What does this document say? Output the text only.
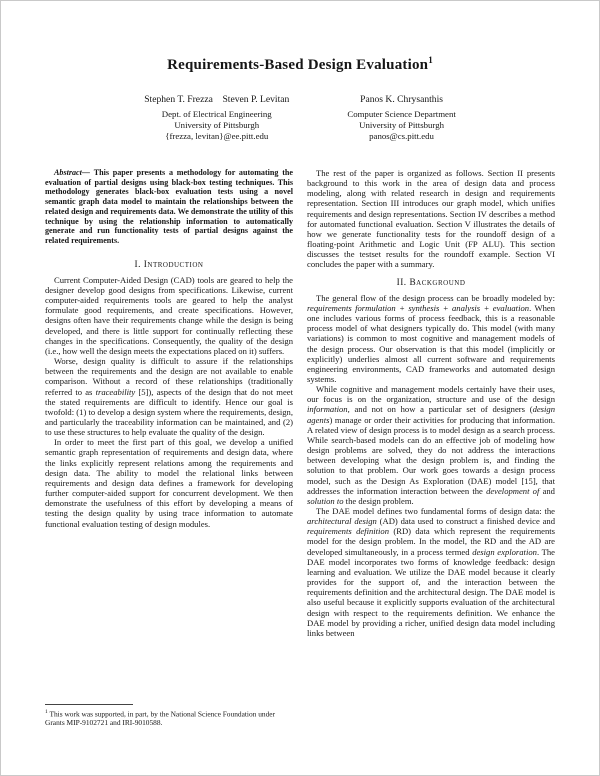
Requirements-Based Design Evaluation$^1$
Stephen T. Frezza    Steven P. Levitan
Dept. of Electrical Engineering
University of Pittsburgh
{frezza, levitan}@ee.pitt.edu
Panos K. Chrysanthis
Computer Science Department
University of Pittsburgh
panos@cs.pitt.edu

Abstract— This paper presents a methodology for automating the evaluation of partial designs using black-box testing techniques. This methodology generates black-box evaluation tests using a novel semantic graph data model to maintain the relationships between the related design and requirements data. We demonstrate the utility of this technique by using the relationship information to automatically generate and run functionality tests of partial designs against the related requirements.

I. Introduction

Current Computer-Aided Design (CAD) tools are geared to help the designer develop good designs from specifications. Likewise, current computer-aided requirements tools are geared to help the analyst formulate good requirements, and create specifications. However, designs often have their requirements change while the design is being developed, and there is little support for continually reflecting these changes in the specifications. Consequently, the quality of the design (i.e., how well the design meets the expectations placed on it) suffers.

Worse, design quality is difficult to assure if the relationships between the requirements and the design are not available to enable comparison. Without a record of these relationships (traditionally referred to as traceability [5]), aspects of the design that do not meet the stated requirements are difficult to identify. Hence our goal is twofold: (1) to develop a design system where the requirements, design, and particularly the traceability information can be maintained, and (2) to use these structures to help evaluate the quality of the design.

In order to meet the first part of this goal, we develop a unified semantic graph representation of requirements and design data, where the links explicitly represent relations among the requirements and design data. The ability to model the relational links between requirements and design data defines a framework for developing further computer-aided support for concurrent development. We then demonstrate the usefulness of this effort by developing a means of testing the design quality by using trace information to automate functional evaluation testing of design modules.

$^1$ This work was supported, in part, by the National Science Foundation under Grants MIP-9102721 and IRI-9010588.

The rest of the paper is organized as follows. Section II presents background to this work in the area of design data and process modeling, along with related research in design and requirements representation. Section III introduces our graph model, which unifies requirements and design representations. Section IV describes a method for automated functional evaluation. Section V illustrates the details of how we generate functionality tests for the roundoff design of a floating-point Arithmetic and Logic Unit (FP ALU). This section discusses the testset results for the roundoff example. Section VI concludes the paper with a summary.

II. Background

The general flow of the design process can be broadly modeled by: requirements formulation + synthesis + analysis + evaluation. When one includes various forms of process feedback, this is a reasonable process model of what designers typically do. This model (with many variations) is common to most cognitive and management models of the design process. Our observation is that this model (implicitly or explicitly) underlies almost all current software and requirements engineering environments, CAD frameworks and automated design systems.

While cognitive and management models certainly have their uses, our focus is on the organization, structure and use of the design information, and not on how a particular set of designers (design agents) manage or order their activities for producing that information. A related view of design process is to model design as a search process. While search-based models can do an effective job of modeling how design problems are solved, they do not address the interactions between developing what the design problem is, and finding the solution to that problem. Our work goes towards a design process model, such as the Design As Exploration (DAE) model [15], that addresses the information interaction between the development of and solution to the design problem.

The DAE model defines two fundamental forms of design data: the architectural design (AD) data used to construct a finished device and requirements definition (RD) data which represent the requirements model for the design problem. In the model, the RD and the AD are developed simultaneously, in a process termed design exploration. The DAE model incorporates two forms of knowledge feedback: design learning and evaluation. We utilize the DAE model because it clearly provides for the support of, and the interaction between the requirements definition and the architectural design. The DAE model is also useful because it explicitly supports evaluation of the architectural design with respect to the requirements definition. We enhance the DAE model by providing a richer, unified design data model including links between
